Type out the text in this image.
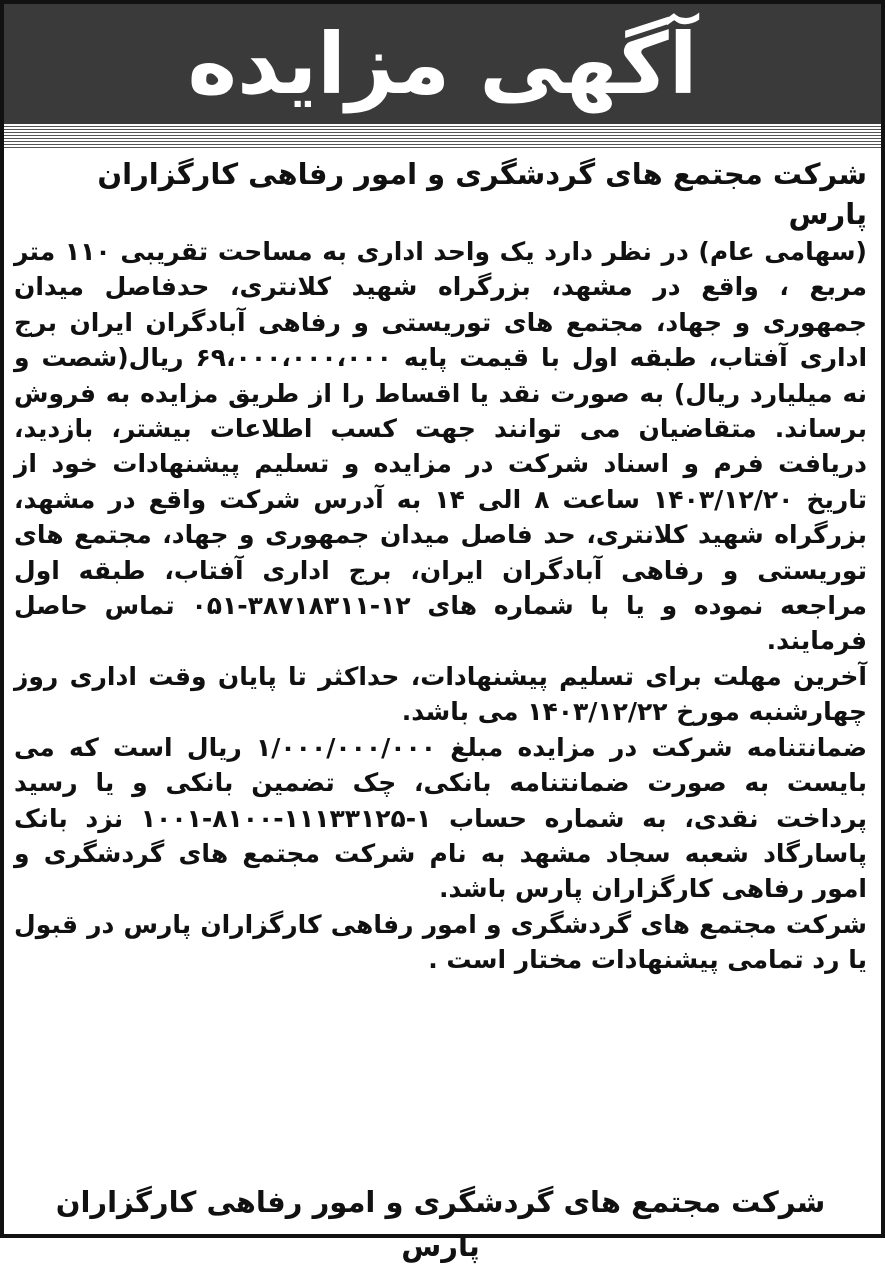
آگهی مزایده

شرکت مجتمع های گردشگری و امور رفاهی کارگزاران پارس
(سهامی عام) در نظر دارد یک واحد اداری به مساحت تقریبی ۱۱۰ متر مربع ، واقع در مشهد، بزرگراه شهید کلانتری، حدفاصل میدان جمهوری و جهاد، مجتمع های توریستی و رفاهی آبادگران ایران برج اداری آفتاب، طبقه اول با قیمت پایه ۶۹،۰۰۰،۰۰۰،۰۰۰ ریال(شصت و نه میلیارد ریال) به صورت نقد یا اقساط را از طریق مزایده به فروش برساند. متقاضیان می توانند جهت کسب اطلاعات بیشتر، بازدید، دریافت فرم و اسناد شرکت در مزایده و تسلیم پیشنهادات خود از تاریخ ۱۴۰۳/۱۲/۲۰ ساعت ۸ الی ۱۴ به آدرس شرکت واقع در مشهد، بزرگراه شهید کلانتری، حد فاصل میدان جمهوری و جهاد، مجتمع های توریستی و رفاهی آبادگران ایران، برج اداری آفتاب، طبقه اول مراجعه نموده و یا با شماره های ۱۲-۳۸۷۱۸۳۱۱-۰۵۱ تماس حاصل فرمایند.

آخرین مهلت برای تسلیم پیشنهادات، حداکثر تا پایان وقت اداری روز چهارشنبه مورخ ۱۴۰۳/۱۲/۲۲ می باشد.

ضمانتنامه شرکت در مزایده مبلغ ۱/۰۰۰/۰۰۰/۰۰۰ ریال است که می بایست به صورت ضمانتنامه بانکی، چک تضمین بانکی و یا رسید پرداخت نقدی، به شماره حساب ۱-۱۱۱۳۳۱۲۵-۸۱۰۰-۱۰۰۱ نزد بانک پاسارگاد شعبه سجاد مشهد به نام شرکت مجتمع های گردشگری و امور رفاهی کارگزاران پارس باشد.

شرکت مجتمع های گردشگری و امور رفاهی کارگزاران پارس در قبول یا رد تمامی پیشنهادات مختار است .

شرکت مجتمع های گردشگری و امور رفاهی کارگزاران پارس
